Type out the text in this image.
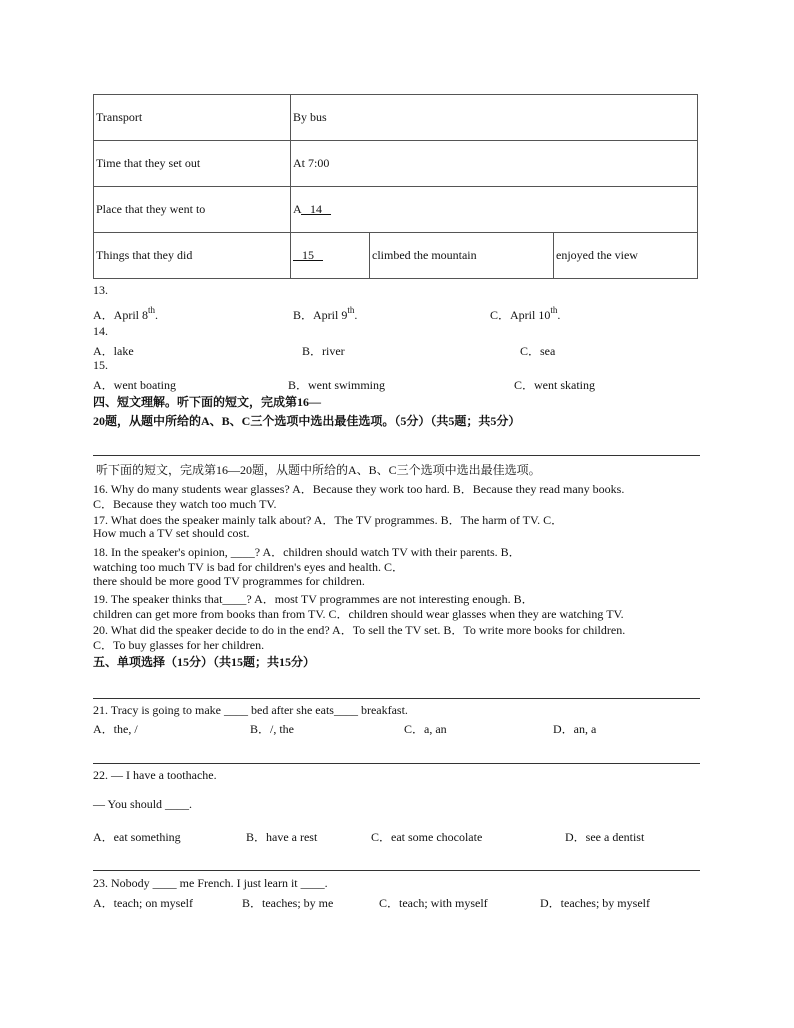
Transport	By bus		
Time that they set out	At 7:00		
Place that they went to	A   14		
Things that they did	15	climbed the mountain	enjoyed the view
13.
A．April 8th.	B．April 9th.	C．April 10th.
14.
A．lake	B．river	C．sea
15.
A．went boating	B．went swimming	C．went skating
四、短文理解。听下面的短文，完成第16—
20题，从题中所给的A、B、C三个选项中选出最佳选项。（5分）（共5题；共5分）
听下面的短文，完成第16—20题，从题中所给的A、B、C三个选项中选出最佳选项。
16. Why do many students wear glasses? A．Because they work too hard. B．Because they read many books.
C．Because they watch too much TV.
17. What does the speaker mainly talk about? A．The TV programmes. B．The harm of TV. C．
How much a TV set should cost.
18. In the speaker's opinion, ____? A．children should watch TV with their parents. B．
watching too much TV is bad for children's eyes and health. C．
there should be more good TV programmes for children.
19. The speaker thinks that____? A．most TV programmes are not interesting enough. B．
children can get more from books than from TV. C．children should wear glasses when they are watching TV.
20. What did the speaker decide to do in the end? A．To sell the TV set. B．To write more books for children.
C．To buy glasses for her children.
五、单项选择（15分）（共15题；共15分）
21. Tracy is going to make ____ bed after she eats____ breakfast.
A．the, /	B．/, the	C．a, an	D．an, a
22. — I have a toothache.
— You should ____.
A．eat something	B．have a rest	C．eat some chocolate	D．see a dentist
23. Nobody ____ me French. I just learn it ____.
A．teach; on myself	B．teaches; by me	C．teach; with myself	D．teaches; by myself
